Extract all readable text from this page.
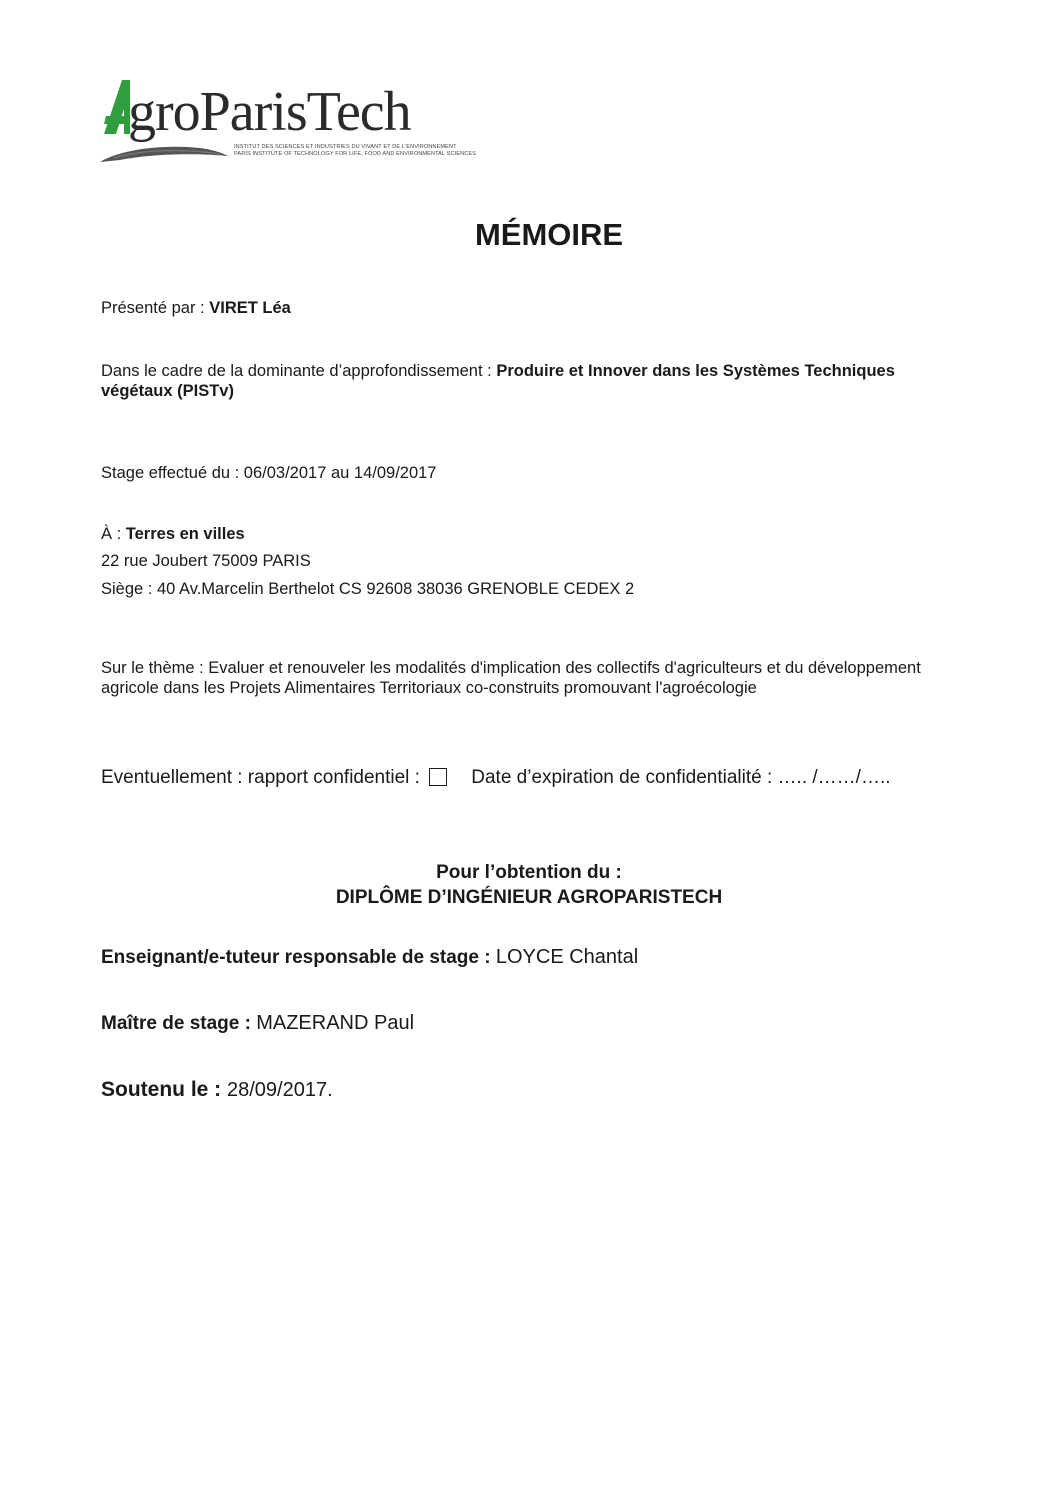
groParisTech
INSTITUT DES SCIENCES ET INDUSTRIES DU VIVANT ET DE L'ENVIRONNEMENT
PARIS INSTITUTE OF TECHNOLOGY FOR LIFE, FOOD AND ENVIRONMENTAL SCIENCES
MÉMOIRE
Présenté par : VIRET Léa
Dans le cadre de la dominante d’approfondissement : Produire et Innover dans les Systèmes Techniques végétaux (PISTv)
Stage effectué du : 06/03/2017 au 14/09/2017
À : Terres en villes
22 rue Joubert 75009 PARIS
Siège : 40 Av.Marcelin Berthelot CS 92608 38036 GRENOBLE CEDEX 2
Sur le thème : Evaluer et renouveler les modalités d'implication des collectifs d'agriculteurs et du développement agricole dans les Projets Alimentaires Territoriaux co-construits promouvant l'agroécologie
Eventuellement : rapport confidentiel :	Date d’expiration de confidentialité : ….. /……/…..
Pour l’obtention du :
DIPLÔME D’INGÉNIEUR AGROPARISTECH
Enseignant/e-tuteur responsable de stage : LOYCE Chantal
Maître de stage : MAZERAND Paul
Soutenu le : 28/09/2017.
